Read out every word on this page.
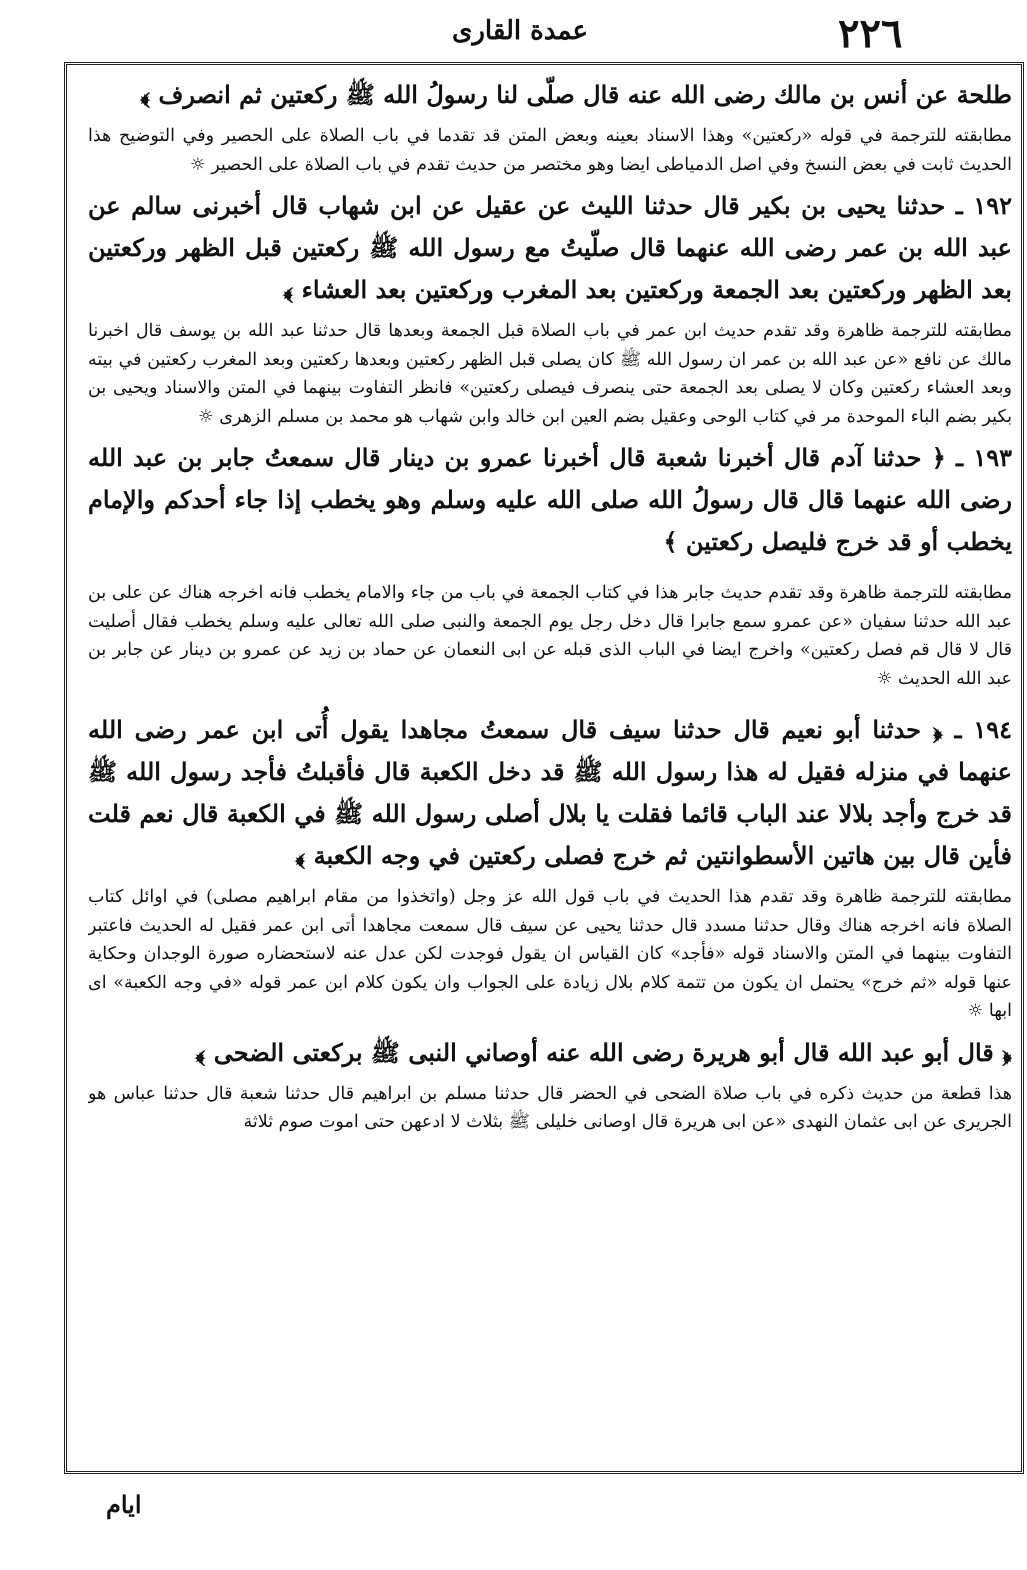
٢٢٦
عمدة القارى

طلحة عن أنس بن مالك رضى الله عنه قال صلّى لنا رسولُ الله ﷺ ركعتين ثم انصرف ﴾

مطابقته للترجمة في قوله «ركعتين» وهذا الاسناد بعينه وبعض المتن قد تقدما في باب الصلاة على الحصير وفي التوضيح هذا الحديث ثابت في بعض النسخ وفي اصل الدمياطى ايضا وهو مختصر من حديث تقدم في باب الصلاة على الحصير ☼

١٩٢ ـ حدثنا يحيى بن بكير قال حدثنا الليث عن عقيل عن ابن شهاب قال أخبرنى سالم عن عبد الله بن عمر رضى الله عنهما قال صلّيتُ مع رسول الله ﷺ ركعتين قبل الظهر وركعتين بعد الظهر وركعتين بعد الجمعة وركعتين بعد المغرب وركعتين بعد العشاء ﴾

مطابقته للترجمة ظاهرة وقد تقدم حديث ابن عمر في باب الصلاة قبل الجمعة وبعدها قال حدثنا عبد الله بن يوسف قال اخبرنا مالك عن نافع «عن عبد الله بن عمر ان رسول الله ﷺ كان يصلى قبل الظهر ركعتين وبعدها ركعتين وبعد المغرب ركعتين في بيته وبعد العشاء ركعتين وكان لا يصلى بعد الجمعة حتى ينصرف فيصلى ركعتين» فانظر التفاوت بينهما في المتن والاسناد ويحيى بن بكير بضم الباء الموحدة مر في كتاب الوحى وعقيل بضم العين ابن خالد وابن شهاب هو محمد بن مسلم الزهرى ☼

١٩٣ ـ ﴿ حدثنا آدم قال أخبرنا شعبة قال أخبرنا عمرو بن دينار قال سمعتُ جابر بن عبد الله رضى الله عنهما قال قال رسولُ الله صلى الله عليه وسلم وهو يخطب إذا جاء أحدكم والإمام يخطب أو قد خرج فليصل ركعتين ﴾

مطابقته للترجمة ظاهرة وقد تقدم حديث جابر هذا في كتاب الجمعة في باب من جاء والامام يخطب فانه اخرجه هناك عن على بن عبد الله حدثنا سفيان «عن عمرو سمع جابرا قال دخل رجل يوم الجمعة والنبى صلى الله تعالى عليه وسلم يخطب فقال أصليت قال لا قال قم فصل ركعتين» واخرج ايضا في الباب الذى قبله عن ابى النعمان عن حماد بن زيد عن عمرو بن دينار عن جابر بن عبد الله الحديث ☼

١٩٤ ـ ﴿ حدثنا أبو نعيم قال حدثنا سيف قال سمعتُ مجاهدا يقول أُتى ابن عمر رضى الله عنهما في منزله فقيل له هذا رسول الله ﷺ قد دخل الكعبة قال فأقبلتُ فأجد رسول الله ﷺ قد خرج وأجد بلالا عند الباب قائما فقلت يا بلال أصلى رسول الله ﷺ في الكعبة قال نعم قلت فأين قال بين هاتين الأسطوانتين ثم خرج فصلى ركعتين في وجه الكعبة ﴾

مطابقته للترجمة ظاهرة وقد تقدم هذا الحديث في باب قول الله عز وجل (واتخذوا من مقام ابراهيم مصلى) في اوائل كتاب الصلاة فانه اخرجه هناك وقال حدثنا مسدد قال حدثنا يحيى عن سيف قال سمعت مجاهدا أتى ابن عمر فقيل له الحديث فاعتبر التفاوت بينهما في المتن والاسناد قوله «فأجد» كان القياس ان يقول فوجدت لكن عدل عنه لاستحضاره صورة الوجدان وحكاية عنها قوله «ثم خرج» يحتمل ان يكون من تتمة كلام بلال زيادة على الجواب وان يكون كلام ابن عمر قوله «في وجه الكعبة» اى ابها ☼

﴿ قال أبو عبد الله قال أبو هريرة رضى الله عنه أوصاني النبى ﷺ بركعتى الضحى ﴾

هذا قطعة من حديث ذكره في باب صلاة الضحى في الحضر قال حدثنا مسلم بن ابراهيم قال حدثنا شعبة قال حدثنا عباس هو الجريرى عن ابى عثمان النهدى «عن ابى هريرة قال اوصانى خليلى ﷺ بثلاث لا ادعهن حتى اموت صوم ثلاثة

ايام
